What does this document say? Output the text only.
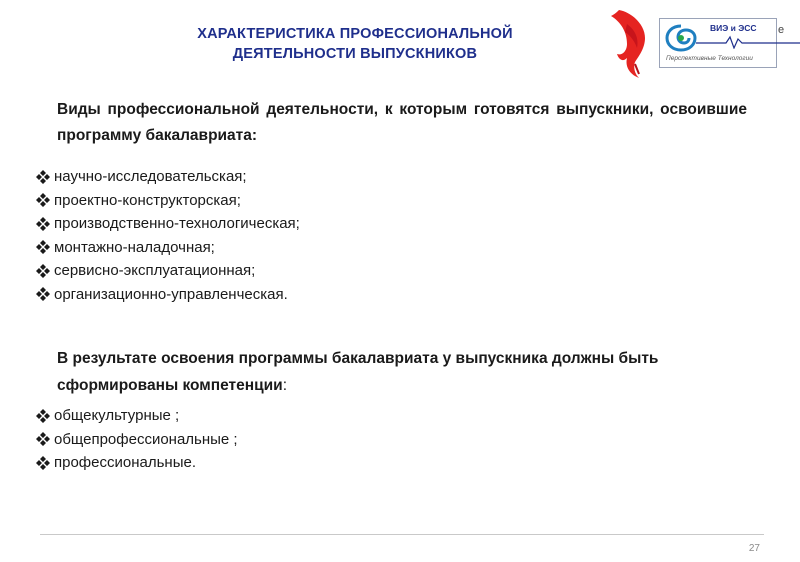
ХАРАКТЕРИСТИКА ПРОФЕССИОНАЛЬНОЙ
ДЕЯТЕЛЬНОСТИ ВЫПУСКНИКОВ
ВИЭ и ЭСС
Перспективные Технологии
е
Виды профессиональной деятельности, к которым готовятся выпускники, освоившие программу бакалавриата:
научно-исследовательская;
проектно-конструкторская;
производственно-технологическая;
монтажно-наладочная;
сервисно-эксплуатационная;
организационно-управленческая.
В результате освоения программы бакалавриата у выпускника должны быть сформированы компетенции:
общекультурные ;
общепрофессиональные ;
профессиональные.
27
